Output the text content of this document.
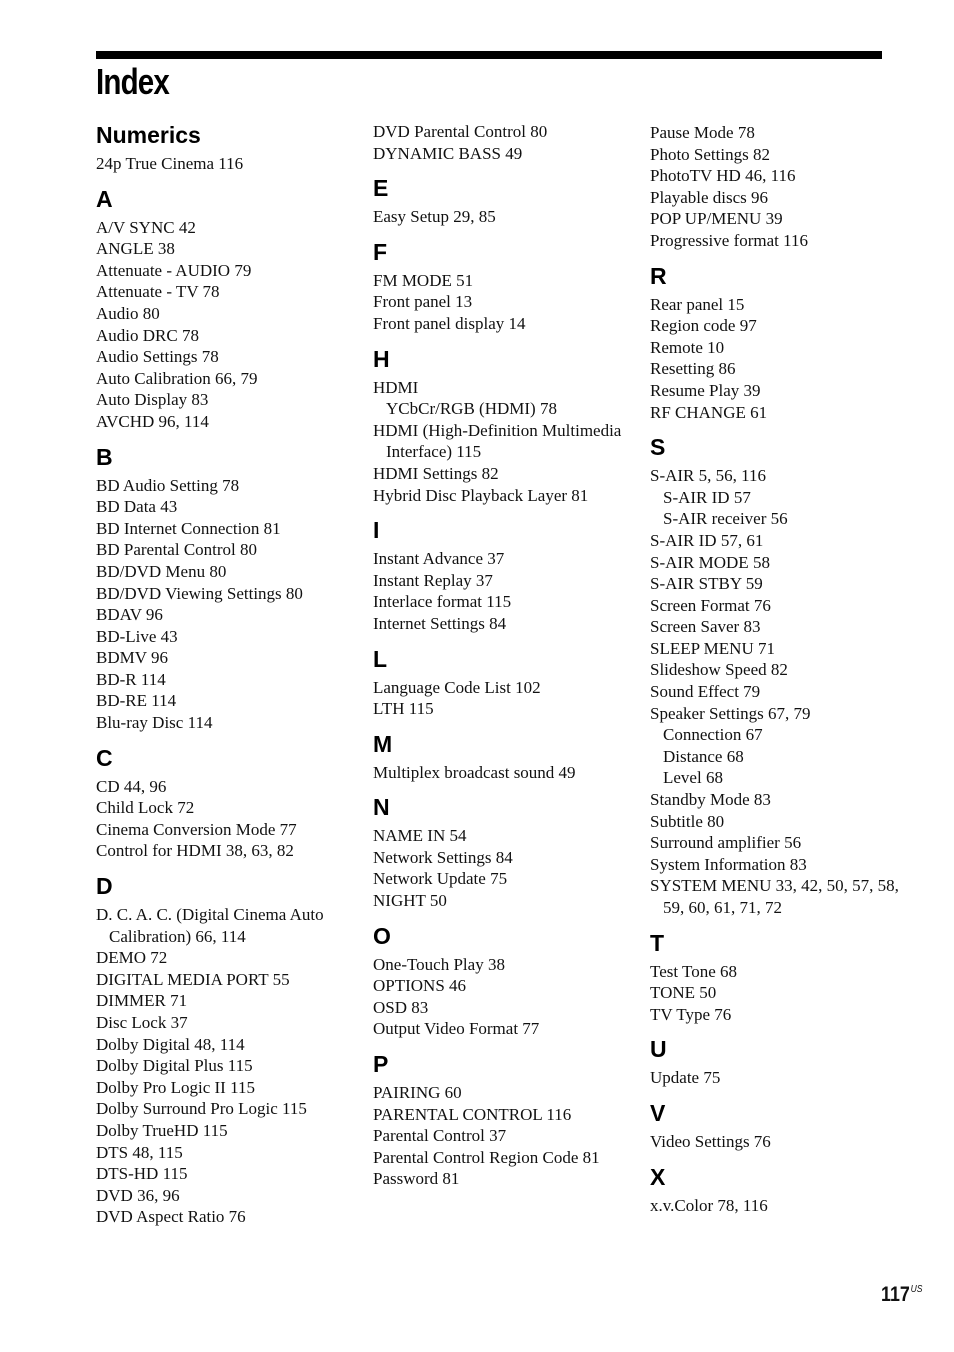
Index
Numerics
24p True Cinema 116
A
A/V SYNC 42
ANGLE 38
Attenuate - AUDIO 79
Attenuate - TV 78
Audio 80
Audio DRC 78
Audio Settings 78
Auto Calibration 66, 79
Auto Display 83
AVCHD 96, 114
B
BD Audio Setting 78
BD Data 43
BD Internet Connection 81
BD Parental Control 80
BD/DVD Menu 80
BD/DVD Viewing Settings 80
BDAV 96
BD-Live 43
BDMV 96
BD-R 114
BD-RE 114
Blu-ray Disc 114
C
CD 44, 96
Child Lock 72
Cinema Conversion Mode 77
Control for HDMI 38, 63, 82
D
D. C. A. C. (Digital Cinema Auto Calibration) 66, 114
DEMO 72
DIGITAL MEDIA PORT 55
DIMMER 71
Disc Lock 37
Dolby Digital 48, 114
Dolby Digital Plus 115
Dolby Pro Logic II 115
Dolby Surround Pro Logic 115
Dolby TrueHD 115
DTS 48, 115
DTS-HD 115
DVD 36, 96
DVD Aspect Ratio 76
DVD Parental Control 80
DYNAMIC BASS 49
E
Easy Setup 29, 85
F
FM MODE 51
Front panel 13
Front panel display 14
H
HDMI
YCbCr/RGB (HDMI) 78
HDMI (High-Definition Multimedia Interface) 115
HDMI Settings 82
Hybrid Disc Playback Layer 81
I
Instant Advance 37
Instant Replay 37
Interlace format 115
Internet Settings 84
L
Language Code List 102
LTH 115
M
Multiplex broadcast sound 49
N
NAME IN 54
Network Settings 84
Network Update 75
NIGHT 50
O
One-Touch Play 38
OPTIONS 46
OSD 83
Output Video Format 77
P
PAIRING 60
PARENTAL CONTROL 116
Parental Control 37
Parental Control Region Code 81
Password 81
Pause Mode 78
Photo Settings 82
PhotoTV HD 46, 116
Playable discs 96
POP UP/MENU 39
Progressive format 116
R
Rear panel 15
Region code 97
Remote 10
Resetting 86
Resume Play 39
RF CHANGE 61
S
S-AIR 5, 56, 116
S-AIR ID 57
S-AIR receiver 56
S-AIR ID 57, 61
S-AIR MODE 58
S-AIR STBY 59
Screen Format 76
Screen Saver 83
SLEEP MENU 71
Slideshow Speed 82
Sound Effect 79
Speaker Settings 67, 79
Connection 67
Distance 68
Level 68
Standby Mode 83
Subtitle 80
Surround amplifier 56
System Information 83
SYSTEM MENU 33, 42, 50, 57, 58, 59, 60, 61, 71, 72
T
Test Tone 68
TONE 50
TV Type 76
U
Update 75
V
Video Settings 76
X
x.v.Color 78, 116
$117^{US}$
